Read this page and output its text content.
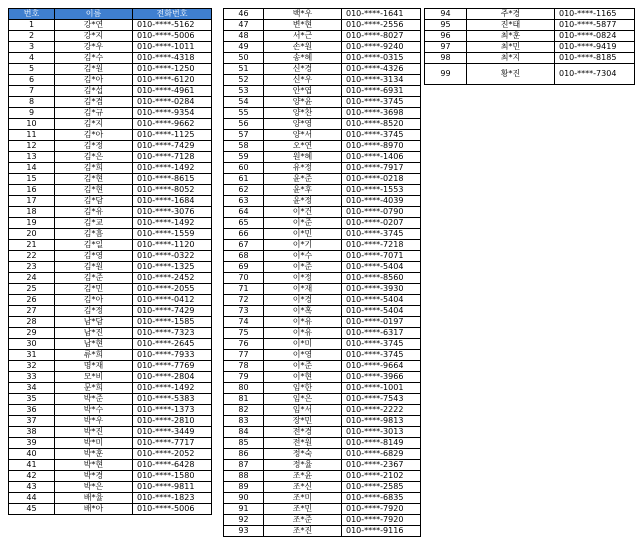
번호	이름	전화번호
1	강*연	010-****-5162
2	강*지	010-****-5006
3	강*우	010-****-1011
4	김*수	010-****-4318
5	김*원	010-****-1250
6	김*아	010-****-6120
7	김*섭	010-****-4961
8	김*겸	010-****-0284
9	김*규	010-****-9354
10	김*지	010-****-9662
11	김*아	010-****-1125
12	김*정	010-****-7429
13	김*은	010-****-7128
14	김*희	010-****-1492
15	김*현	010-****-8615
16	김*현	010-****-8052
17	김*담	010-****-1684
18	김*유	010-****-3076
19	김*교	010-****-1492
20	김*흠	010-****-1559
21	김*일	010-****-1120
22	김*영	010-****-0322
23	김*원	010-****-1325
24	김*준	010-****-2452
25	김*민	010-****-2055
26	김*아	010-****-0412
27	김*정	010-****-7429
28	남*담	010-****-1585
29	남*진	010-****-7323
30	남*현	010-****-2645
31	류*희	010-****-7933
32	명*재	010-****-7769
33	모*비	010-****-2804
34	문*희	010-****-1492
35	박*준	010-****-5383
36	박*수	010-****-1373
37	박*우	010-****-2810
38	박*진	010-****-3449
39	박*미	010-****-7717
40	박*훈	010-****-2052
41	박*현	010-****-6428
42	박*경	010-****-1580
43	박*은	010-****-9811
44	배*율	010-****-1823
45	배*아	010-****-5006
46	백*우	010-****-1641
47	변*현	010-****-2556
48	서*근	010-****-8027
49	손*원	010-****-9240
50	송*혜	010-****-0315
51	신*경	010-****-4326
52	신*우	010-****-3134
53	안*엽	010-****-6931
54	양*윤	010-****-3745
55	양*찬	010-****-3698
56	양*영	010-****-8520
57	양*서	010-****-3745
58	오*연	010-****-8970
59	원*혜	010-****-1406
60	유*정	010-****-7917
61	윤*준	010-****-0218
62	윤*후	010-****-1553
63	윤*정	010-****-4039
64	이*건	010-****-0790
65	이*준	010-****-0207
66	이*민	010-****-3745
67	이*기	010-****-7218
68	이*수	010-****-7071
69	이*준	010-****-5404
70	이*정	010-****-8560
71	이*재	010-****-3930
72	이*경	010-****-5404
73	이*혹	010-****-5404
74	이*유	010-****-0197
75	이*유	010-****-6317
76	이*미	010-****-3745
77	이*영	010-****-3745
78	이*준	010-****-9664
79	이*현	010-****-3966
80	임*한	010-****-1001
81	임*은	010-****-7543
82	임*서	010-****-2222
83	장*민	010-****-9813
84	전*경	010-****-3013
85	전*원	010-****-8149
86	정*숙	010-****-6829
87	정*율	010-****-2367
88	조*윤	010-****-2102
89	조*신	010-****-2585
90	조*미	010-****-6835
91	조*민	010-****-7920
92	조*준	010-****-7920
93	조*진	010-****-9116
94	주*경	010-****-1165
95	진*태	010-****-5877
96	최*훈	010-****-0824
97	최*민	010-****-9419
98	최*지	010-****-8185
99	황*진	010-****-7304
